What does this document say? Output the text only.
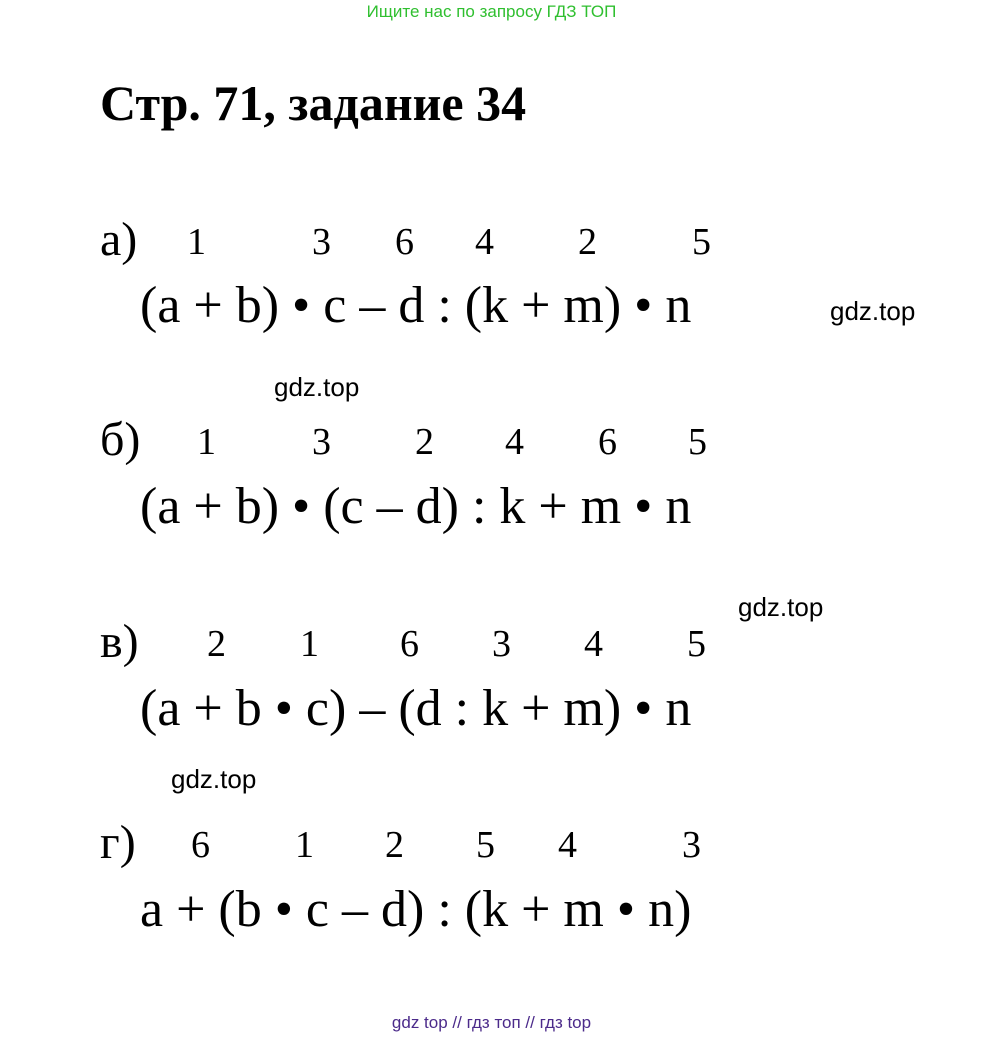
Ищите нас по запросу ГДЗ ТОП
Стр. 71, задание 34
а) 1	3 6 4 2	5
(a + b) • c – d : (k + m) • n
б) 1	3 2 4 6 5
(a + b) • (c – d) : k + m • n
в) 2 1 6 3 4 5
(a + b • c) – (d : k + m) • n
г) 6 1 2 5 4	3
a + (b • c – d) : (k + m • n)
gdz.top
gdz.top
gdz.top
gdz.top
gdz top // гдз топ // гдз top
